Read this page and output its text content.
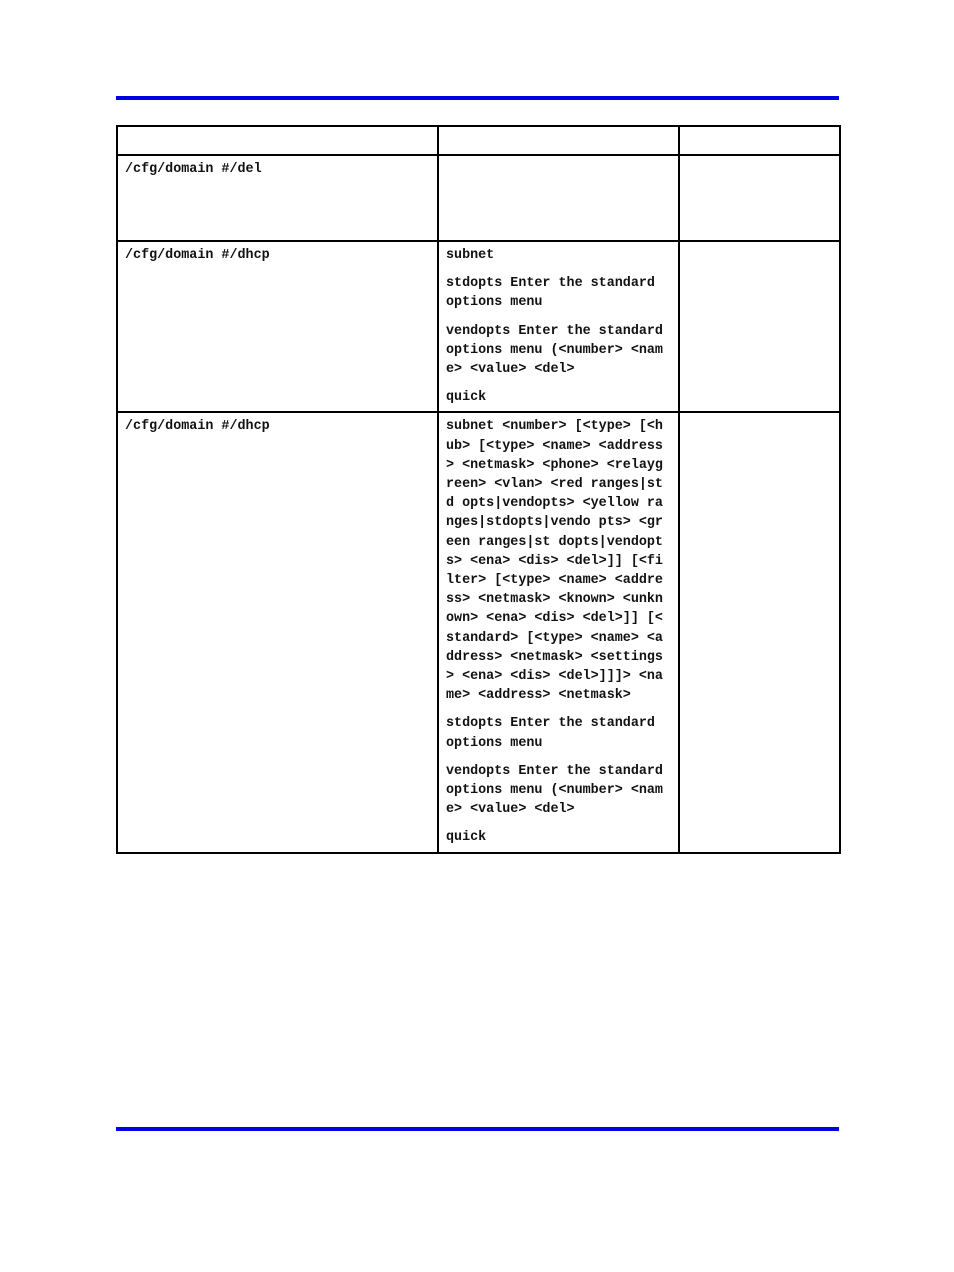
/cfg/domain #/del		

/cfg/domain #/dhcp	subnet
stdopts Enter the standard options menu
vendopts Enter the standard options menu (<number> <name> <value> <del>
quick	

/cfg/domain #/dhcp	subnet <number> [<type> [<hub> [<type> <name> <address> <netmask> <phone> <relaygreen> <vlan> <red ranges|std opts|vendopts> <yellow ranges|stdopts|vendo pts> <green ranges|st dopts|vendopts> <ena> <dis> <del>]] [<filter> [<type> <name> <address> <netmask> <known> <unknown> <ena> <dis> <del>]] [<standard> [<type> <name> <address> <netmask> <settings> <ena> <dis> <del>]]]> <name> <address> <netmask>
stdopts Enter the standard options menu
vendopts Enter the standard options menu (<number> <name> <value> <del>
quick	
